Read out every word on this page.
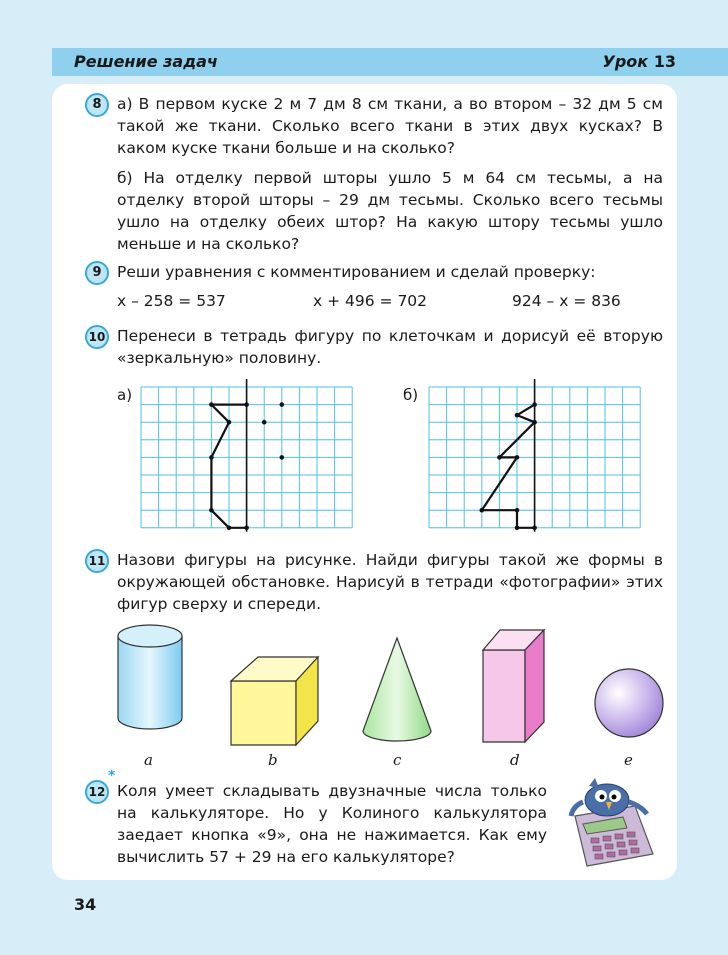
Решение задач	Урок 13
8 а) В первом куске 2 м 7 дм 8 см ткани, а во втором – 32 дм 5 см такой же ткани. Сколько всего ткани в этих двух кусках? В каком куске ткани больше и на сколько?
б) На отделку первой шторы ушло 5 м 64 см тесьмы, а на отделку второй шторы – 29 дм тесьмы. Сколько всего тесьмы ушло на отделку обеих штор? На какую штору тесьмы ушло меньше и на сколько?
9 Реши уравнения с комментированием и сделай проверку:
x – 258 = 537	x + 496 = 702	924 – x = 836
10 Перенеси в тетрадь фигуру по клеточкам и дорисуй её вторую «зеркальную» половину.
а)	б)
11 Назови фигуры на рисунке. Найди фигуры такой же формы в окружающей обстановке. Нарисуй в тетради «фотографии» этих фигур сверху и спереди.
a	b	c	d	e
12
*
Коля умеет складывать двузначные числа только на калькуляторе. Но у Колиного калькулятора заедает кнопка «9», она не нажимается. Как ему вычислить 57 + 29 на его калькуляторе?
34
